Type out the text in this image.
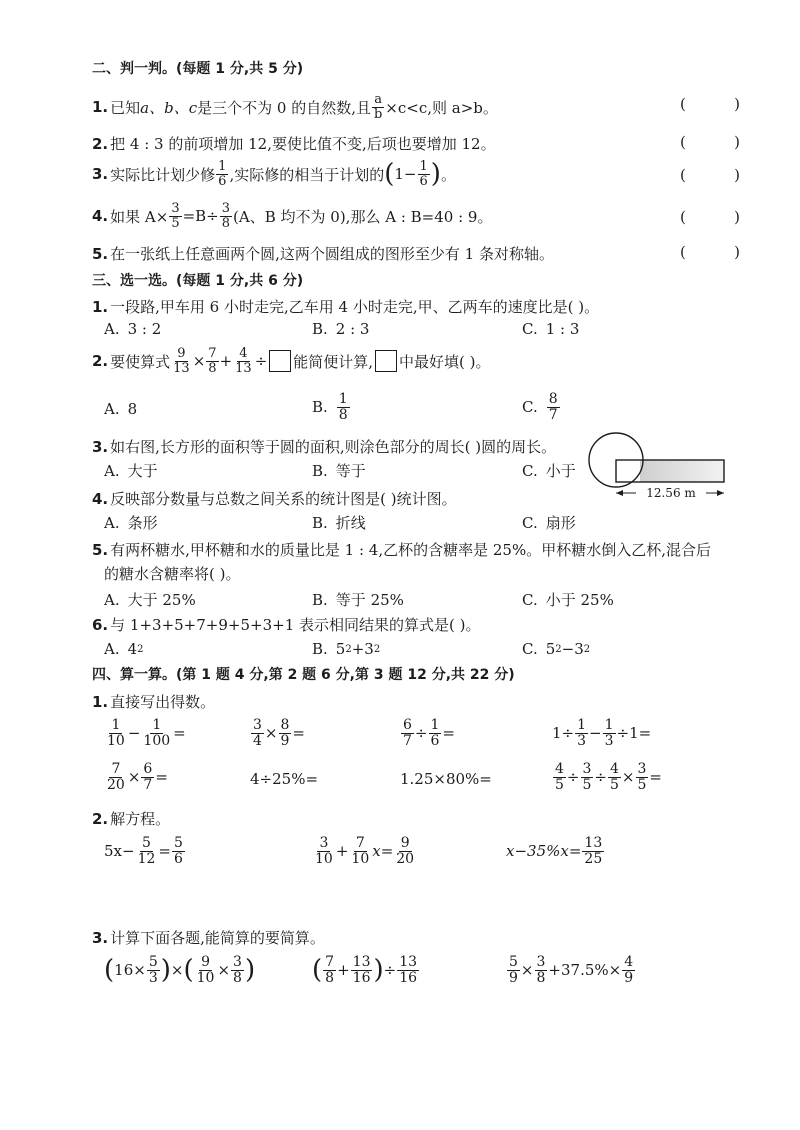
二、判一判。(每题 1 分,共 5 分)
1. 已知 a、b、c 是三个不为 0 的自然数,且 $\frac{a}{b} \times c<c$,则 a>b。	(	)
2. 把 4 : 3 的前项增加 12,要使比值不变,后项也要增加 12。	(	)
3. 实际比计划少修 $\frac{1}{6}$ ,实际修的相当于计划的 ( $1- \frac{1}{6}$ ) 。	(	)
4. 如果 $A\times \frac{3}{5} =B\div \frac{3}{8} (A$、B 均不为 0),那么 A : B=40 : 9。	(	)
5. 在一张纸上任意画两个圆,这两个圆组成的图形至少有 1 条对称轴。	(	)
三、选一选。(每题 1 分,共 6 分)
1. 一段路,甲车用 6 小时走完,乙车用 4 小时走完,甲、乙两车的速度比是( )。
A. 3 : 2	B. 2 : 3	C. 1 : 3
2. 要使算式 $\frac{9}{13} \times \frac{7}{8} + \frac{4}{13}$ ÷ 能简便计算, 中最好填( )。
A. 8	B. $\frac{1}{8}$	C. $\frac{8}{7}$
3. 如右图,长方形的面积等于圆的面积,则涂色部分的周长( )圆的周长。
A. 大于	B. 等于	C. 小于
12.56 m
4. 反映部分数量与总数之间关系的统计图是( )统计图。
A. 条形	B. 折线	C. 扇形
5. 有两杯糖水,甲杯糖和水的质量比是 1 : 4,乙杯的含糖率是 25%。甲杯糖水倒入乙杯,混合后
的糖水含糖率将( )。
A. 大于 25%	B. 等于 25%	C. 小于 25%
6. 与 1+3+5+7+9+5+3+1 表示相同结果的算式是( )。
A. 4 2	B. 5 2 +3 2	C. 5 2 −3 2
四、算一算。(第 1 题 4 分,第 2 题 6 分,第 3 题 12 分,共 22 分)
1. 直接写出得数。
$\frac{1}{10} - \frac{1}{100}$ =	$\frac{3}{4} \times \frac{8}{9}$ =	$\frac{6}{7} \div \frac{1}{6}$ =	$1\div \frac{1}{3} - \frac{1}{3} \div 1=$
$\frac{7}{20} \times \frac{6}{7}$ =	4÷25%=	1.25×80%=	$\frac{4}{5} \div \frac{3}{5} \div \frac{4}{5} \times \frac{3}{5}$ =
2. 解方程。
$5x- \frac{5}{12} = \frac{5}{6}$	$\frac{3}{10} + \frac{7}{10} x= \frac{9}{20}$	$x-35\%x= \frac{13}{25}$
3. 计算下面各题,能简算的要简算。
( $16\times \frac{5}{3}$ ) × ( $\frac{9}{10} \times \frac{3}{8}$ ) ( $\frac{7}{8} + \frac{13}{16}$ ) ÷ $\frac{13}{16}$	$\frac{5}{9} \times \frac{3}{8} +37.5\%\times \frac{4}{9}$
